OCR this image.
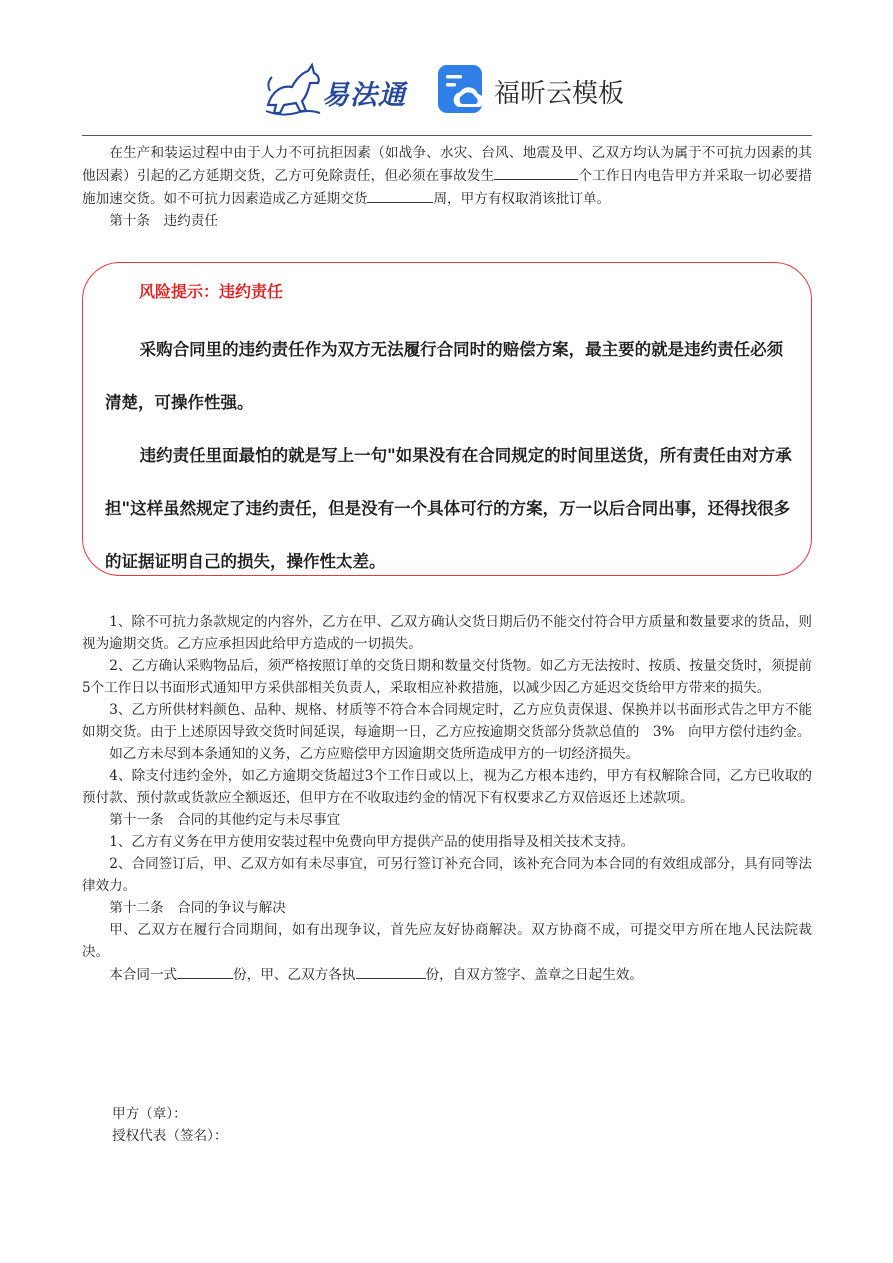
易法通	福昕云模板

在生产和装运过程中由于人力不可抗拒因素（如战争、水灾、台风、地震及甲、乙双方均认为属于不可抗力因素的其他因素）引起的乙方延期交货，乙方可免除责任，但必须在事故发生	个工作日内电告甲方并采取一切必要措施加速交货。如不可抗力因素造成乙方延期交货	周，甲方有权取消该批订单。

第十条　违约责任

风险提示：违约责任

采购合同里的违约责任作为双方无法履行合同时的赔偿方案，最主要的就是违约责任必须清楚，可操作性强。

违约责任里面最怕的就是写上一句"如果没有在合同规定的时间里送货，所有责任由对方承担"这样虽然规定了违约责任，但是没有一个具体可行的方案，万一以后合同出事，还得找很多的证据证明自己的损失，操作性太差。

1、除不可抗力条款规定的内容外，乙方在甲、乙双方确认交货日期后仍不能交付符合甲方质量和数量要求的货品，则视为逾期交货。乙方应承担因此给甲方造成的一切损失。

2、乙方确认采购物品后，须严格按照订单的交货日期和数量交付货物。如乙方无法按时、按质、按量交货时，须提前5个工作日以书面形式通知甲方采供部相关负责人，采取相应补救措施，以减少因乙方延迟交货给甲方带来的损失。

3、乙方所供材料颜色、品种、规格、材质等不符合本合同规定时，乙方应负责保退、保换并以书面形式告之甲方不能如期交货。由于上述原因导致交货时间延误，每逾期一日，乙方应按逾期交货部分货款总值的　3%　向甲方偿付违约金。

如乙方未尽到本条通知的义务，乙方应赔偿甲方因逾期交货所造成甲方的一切经济损失。

4、除支付违约金外，如乙方逾期交货超过3个工作日或以上，视为乙方根本违约，甲方有权解除合同，乙方已收取的预付款、预付款或货款应全额返还，但甲方在不收取违约金的情况下有权要求乙方双倍返还上述款项。

第十一条　合同的其他约定与未尽事宜

1、乙方有义务在甲方使用安装过程中免费向甲方提供产品的使用指导及相关技术支持。

2、合同签订后，甲、乙双方如有未尽事宜，可另行签订补充合同，该补充合同为本合同的有效组成部分，具有同等法律效力。

第十二条　合同的争议与解决

甲、乙双方在履行合同期间，如有出现争议，首先应友好协商解决。双方协商不成，可提交甲方所在地人民法院裁决。

本合同一式	份，甲、乙双方各执	份，自双方签字、盖章之日起生效。

甲方（章）：
授权代表（签名）：
